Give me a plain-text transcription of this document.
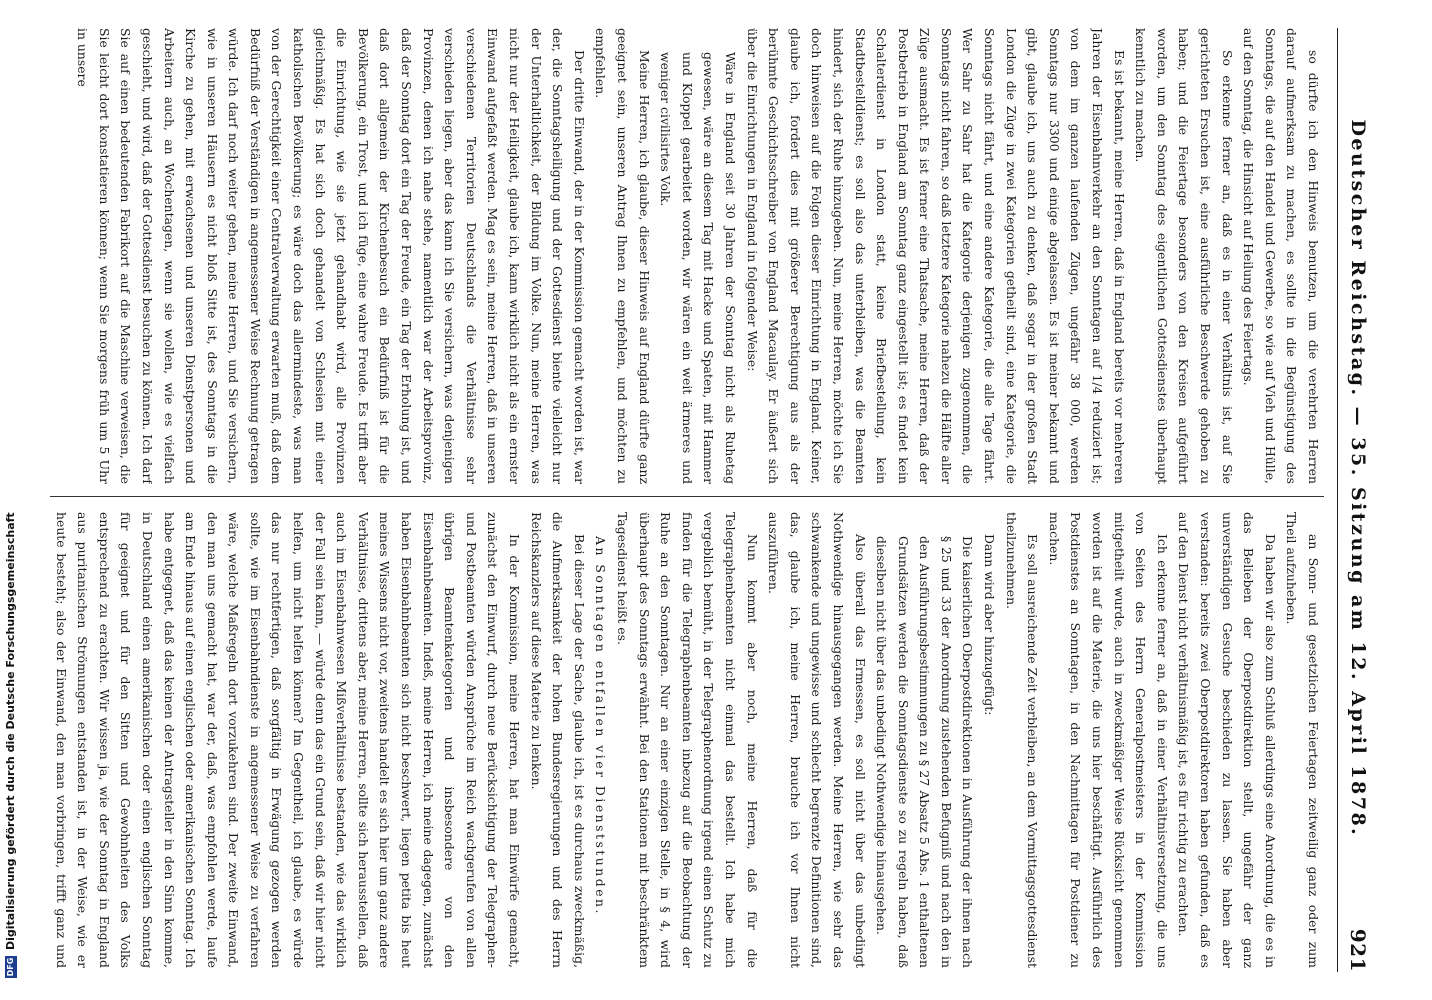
Deutscher Reichstag. — 35. Sitzung am 12. April 1878.
921

so dürfte ich den Hinweis benutzen, um die verehrten Herren darauf aufmerksam zu machen, es sollte in die Begünstigung des Sonntags, die auf den Handel und Gewerbe, so wie auf Vieh und Hülle, auf den Sonntag, die Hinsicht auf Heilung des Feiertags.

So erkenne ferner an, daß es in einer Verhältnis ist, auf Sie gerichteten Ersuchen ist, eine ausführliche Beschwerde gehoben zu haben; und die Feiertage besonders von den Kreisen aufgeführt worden, um den Sonntag des eigentlichen Gottesdienstes überhaupt kenntlich zu machen.

Es ist bekannt, meine Herren, daß in England bereits vor mehreren Jahren der Eisenbahnverkehr an den Sonntagen auf 1/4 reduziert ist; von dem im ganzen laufenden Zügen, ungefähr 38 000, werden Sonntags nur 3300 und einige abgelassen. Es ist meiner bekannt und gibt, glaube ich, uns auch zu denken, daß sogar in der großen Stadt London die Züge in zwei Kategorien getheilt sind, eine Kategorie, die Sonntags nicht fährt, und eine andere Kategorie, die alle Tage fährt. Wer Sahr zu Sahr hat die Kategorie derjenigen zugenommen, die Sonntags nicht fahren, so daß letztere Kategorie nahezu die Hälfte aller Züge ausmacht. Es ist ferner eine Thatsache, meine Herren, daß der Postbetrieb in England am Sonntag ganz eingestellt ist; es findet kein Schalterdienst in London statt, keine Briefbestellung, kein Stadtbestelldienst; es soll also das unterbleiben, was die Beamten hindert, sich der Ruhe hinzugeben. Nun, meine Herren, möchte ich Sie doch hinweisen auf die Folgen dieser Einrichtung in England. Keiner, glaube ich, fordert dies mit größerer Berechtigung aus als der berühmte Geschichtsschreiber von England Macaulay. Er äußert sich über die Einrichtungen in England in folgender Weise:

Wäre in England seit 30 Jahren der Sonntag nicht als Ruhetag gewesen, wäre an diesem Tag mit Hacke und Spaten, mit Hammer und Kloppel gearbeitet worden, wir wären ein weit ärmeres und weniger civilisirtes Volk.

Meine Herren, ich glaube, dieser Hinweis auf England dürfte ganz geeignet sein, unseren Antrag Ihnen zu empfehlen, und möchten zu empfehlen.

Der dritte Einwand, der in der Kommission gemacht worden ist, war der, die Sonntagsheiligung und der Gottesdienst biente vielleicht nur der Unterhaltlichkeit, der Bildung im Volke. Nun, meine Herren, was nicht nur der Heiligkeit, glaube ich, kann wirklich nicht als ein ernster Einwand aufgefaßt werden. Mag es sein, meine Herren, daß in unseren verschiedenen Territorien Deutschlands die Verhältnisse sehr verschieden liegen, aber das kann ich Sie versichern, was denjenigen Provinzen, denen ich nahe stehe, namentlich war der Arbeitsprovinz, daß der Sonntag dort ein Tag der Freude, ein Tag der Erholung ist, und daß dort allgemein der Kirchenbesuch ein Bedürfniß ist für die Bevölkerung, ein Trost, und ich füge, eine wahre Freude. Es trifft aber die Einrichtung, wie sie jetzt gehandhabt wird, alle Provinzen gleichmäßig. Es hat sich doch gehandelt von Schlesien mit einer katholischen Bevölkerung; es wäre doch das allermindeste, was man von der Gerechtigkeit einer Centralverwaltung erwarten muß, daß dem Bedürfniß der Verständigen in angemessener Weise Rechnung getragen würde. Ich darf noch weiter gehen, meine Herren, und Sie versichern, wie in unseren Häusern es nicht bloß Sitte ist, des Sonntags in die Kirche zu gehen, mit erwachsenen und unseren Dienstpersonen und Arbeitern auch, an Wochentagen, wenn sie wollen, wie es vielfach geschieht, und wird, daß der Gottesdienst besuchen zu können. Ich darf Sie auf einen bedeutenden Fabrikort auf die Maschine verweisen, die Sie leicht dort konstatieren können; wenn Sie morgens früh um 5 Uhr in unsere

an Sonn- und gesetzlichen Feiertagen zeitweilig ganz oder zum Theil aufzuheben.

Da haben wir also zum Schluß allerdings eine Anordnung, die es in das Belieben der Oberpostdirektion stellt, ungefähr der ganz unverständigen Gesuche beschieden zu lassen. Sie haben aber verstanden: bereits zwei Oberpostdirektoren haben gefunden, daß es auf den Dienst nicht verhältnismäßig ist, es für richtig zu erachten.

Ich erkenne ferner an, daß in einer Verhältnisversetzung, die uns von Seiten des Herrn Generalpostmeisters in der Kommission mitgetheilt wurde, auch in zweckmäßiger Weise Rücksicht genommen worden ist auf die Materie, die uns hier beschäftigt. Ausführlich des Postdienstes an Sonntagen, in den Nachmittagen für Postdiener zu machen.

Es soll ausreichende Zeit verbleiben, an dem Vormittagsgottesdienst theilzunehmen.

Dann wird aber hinzugefügt:

Die kaiserlichen Oberpostdirektionen in Ausführung der ihnen nach § 25 und 33 der Anordnung zustehenden Befugniß und nach den in den Ausführungsbestimmungen zu § 27 Absatz 5 Abs. 1 enthaltenen Grundsätzen werden die Sonntagsdienste so zu regeln haben, daß dieselben nicht über das unbedingt Nothwendige hinausgehen.

Also überall das Ermessen, es soll nicht über das unbedingt Nothwendige hinausgegangen werden. Meine Herren, wie sehr das schwankende und ungewisse und schlecht begrenzte Definitionen sind, das, glaube ich, meine Herren, brauche ich vor Ihnen nicht auszuführen.

Nun kommt aber noch, meine Herren, daß für die Telegraphenbeamten nicht einmal das bestellt. Ich habe mich vergeblich bemüht, in der Telegraphenordnung irgend einen Schutz zu finden für die Telegraphenbeamten inbezug auf die Beobachtung der Ruhe an den Sonntagen. Nur an einer einzigen Stelle, in § 4, wird überhaupt des Sonntags erwähnt. Bei den Stationen mit beschränktem Tagesdienst heißt es.

An Sonntagen entfallen vier Dienststunden.

Bei dieser Lage der Sache, glaube ich, ist es durchaus zweckmäßig, die Aufmerksamkeit der hohen Bundesregierungen und des Herrn Reichskanzlers auf diese Materie zu lenken.

In der Kommission, meine Herren, hat man Einwürfe gemacht, zunächst den Einwurf, durch neue Berücksichtigung der Telegraphen- und Postbeamten würden Ansprüche im Reich wachgerufen von allen übrigen Beamtenkategorien und insbesondere von den Eisenbahnbeamten. Indeß, meine Herren, ich meine dagegen, zunächst haben Eisenbahnbeamten sich nicht beschwert, liegen petita bis heut meines Wissens nicht vor, zweitens handelt es sich hier um ganz andere Verhältnisse, drittens aber, meine Herren, sollte sich herausstellen, daß auch im Eisenbahnwesen Mißverhältnisse bestanden, wie das wirklich der Fall sein kann, — würde denn das ein Grund sein, daß wir hier nicht helfen, um nicht helfen können? Im Gegentheil, ich glaube, es würde das nur rechtfertigen, daß sorgfältig in Erwägung gezogen werden sollte, wie im Eisenbahndienste in angemessener Weise zu verfahren wäre, welche Maßregeln dort vorzukehren sind. Der zweite Einwand, den man uns gemacht hat, war der, daß, was empfohlen werde, laufe am Ende hinaus auf einen englischen oder amerikanischen Sonntag. Ich habe entgegnet, daß das keinen der Antragsteller in den Sinn komme, in Deutschland einen amerikanischen oder einen englischen Sonntag für geeignet und für den Sitten und Gewohnheiten des Volks entsprechend zu erachten. Wir wissen ja, wie der Sonntag in England aus puritanischen Strömungen entstanden ist, in der Weise, wie er heute besteht; also der Einwand, den man vorbringen, trifft ganz und

DFG
Digitalisierung gefördert durch die Deutsche Forschungsgemeinschaft
